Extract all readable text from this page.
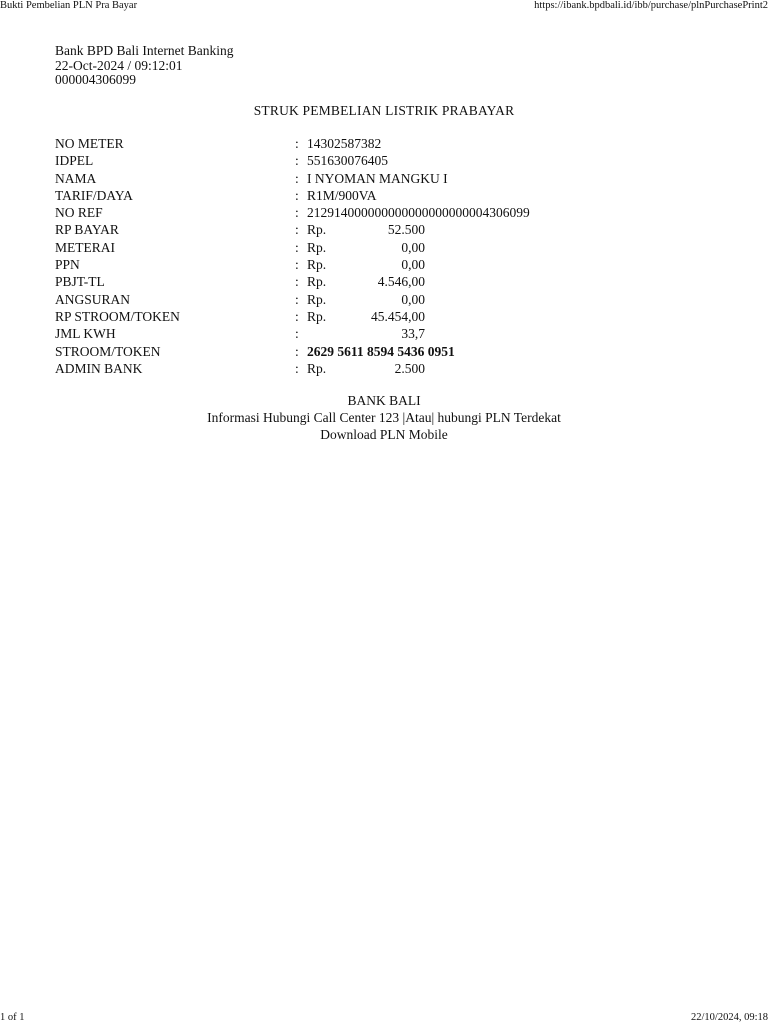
Bukti Pembelian PLN Pra Bayar	https://ibank.bpdbali.id/ibb/purchase/plnPurchasePrint2
Bank BPD Bali Internet Banking
22-Oct-2024 / 09:12:01
000004306099
STRUK PEMBELIAN LISTRIK PRABAYAR
NO METER	: 14302587382
IDPEL	: 551630076405
NAMA	: I NYOMAN MANGKU I
TARIF/DAYA	: R1M/900VA
NO REF	: 212914000000000000000000004306099
RP BAYAR	: Rp.	52.500
METERAI	: Rp.	0,00
PPN	: Rp.	0,00
PBJT-TL	: Rp.	4.546,00
ANGSURAN	: Rp.	0,00
RP STROOM/TOKEN	: Rp.	45.454,00
JML KWH	:	33,7
STROOM/TOKEN	: 2629 5611 8594 5436 0951
ADMIN BANK	: Rp.	2.500
BANK BALI
Informasi Hubungi Call Center 123 |Atau| hubungi PLN Terdekat
Download PLN Mobile
1 of 1	22/10/2024, 09:18
